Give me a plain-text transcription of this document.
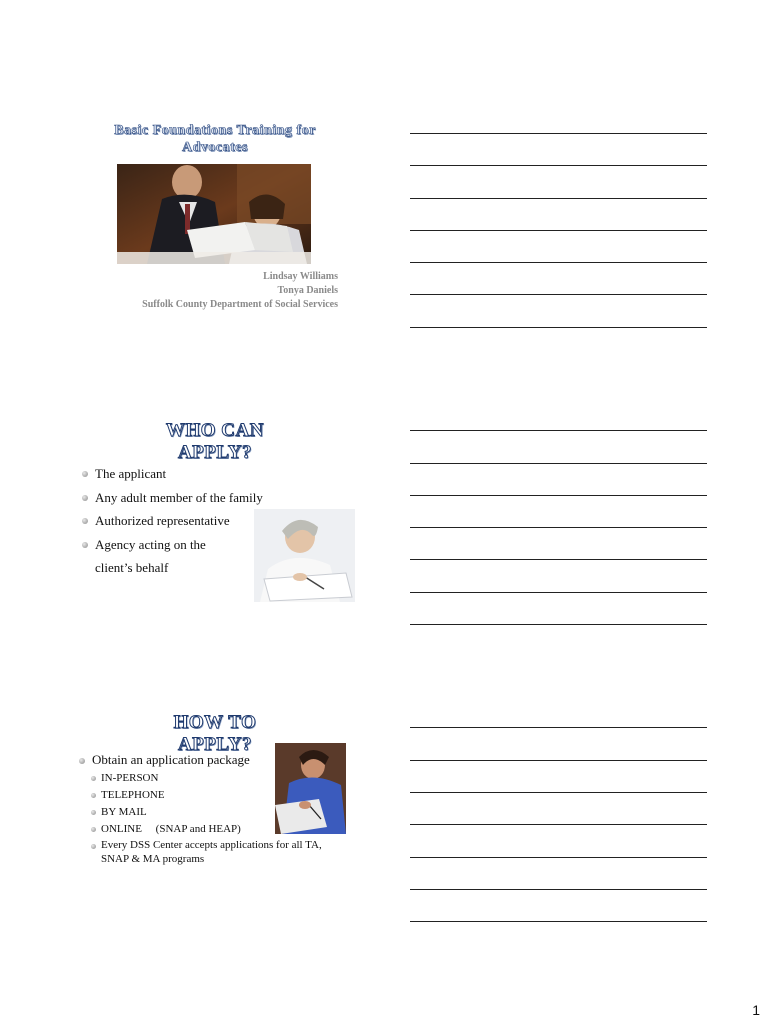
Basic Foundations Training for
Advocates
Lindsay Williams
Tonya Daniels
Suffolk County Department of Social Services
WHO CAN APPLY?
The applicant
Any adult member of the family
Authorized representative
Agency acting on the
client’s behalf
HOW TO APPLY?
Obtain an application package
IN-PERSON
TELEPHONE
BY MAIL
ONLINE     (SNAP and HEAP)
Every DSS Center accepts applications for all TA,
SNAP & MA programs
1
